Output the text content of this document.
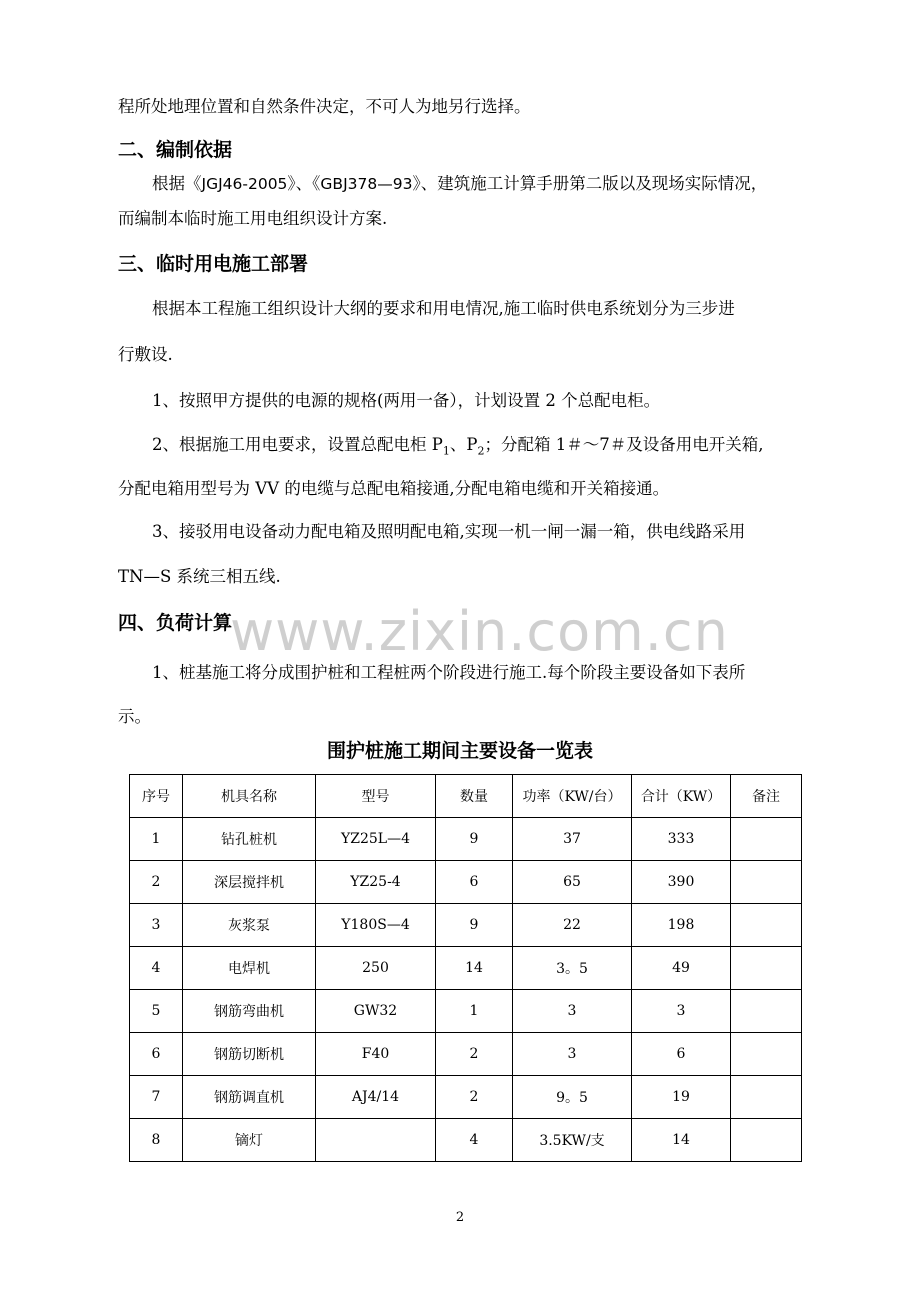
程所处地理位置和自然条件决定，不可人为地另行选择。
二、编制依据
根据《JGJ46-2005》、《GBJ378—93》、建筑施工计算手册第二版以及现场实际情况，
而编制本临时施工用电组织设计方案.
三、临时用电施工部署
根据本工程施工组织设计大纲的要求和用电情况,施工临时供电系统划分为三步进
行敷设.
1、按照甲方提供的电源的规格(两用一备），计划设置 2 个总配电柜。
2、根据施工用电要求，设置总配电柜 $P_1$、$P_2$；分配箱 1＃～7＃及设备用电开关箱,
分配电箱用型号为 VV 的电缆与总配电箱接通,分配电箱电缆和开关箱接通。
3、接驳用电设备动力配电箱及照明配电箱,实现一机一闸一漏一箱，供电线路采用
TN—S 系统三相五线.
四、负荷计算
www.zixin.com.cn
1、桩基施工将分成围护桩和工程桩两个阶段进行施工.每个阶段主要设备如下表所
示。
围护桩施工期间主要设备一览表
序号	机具名称	型号	数量	功率（KW/台）	合计（KW）	备注
1	钻孔桩机	YZ25L—4	9	37	333	
2	深层搅拌机	YZ25-4	6	65	390	
3	灰浆泵	Y180S—4	9	22	198	
4	电焊机	250	14	3。5	49	
5	钢筋弯曲机	GW32	1	3	3	
6	钢筋切断机	F40	2	3	6	
7	钢筋调直机	AJ4/14	2	9。5	19	
8	镝灯		4	3.5KW/支	14	
2
